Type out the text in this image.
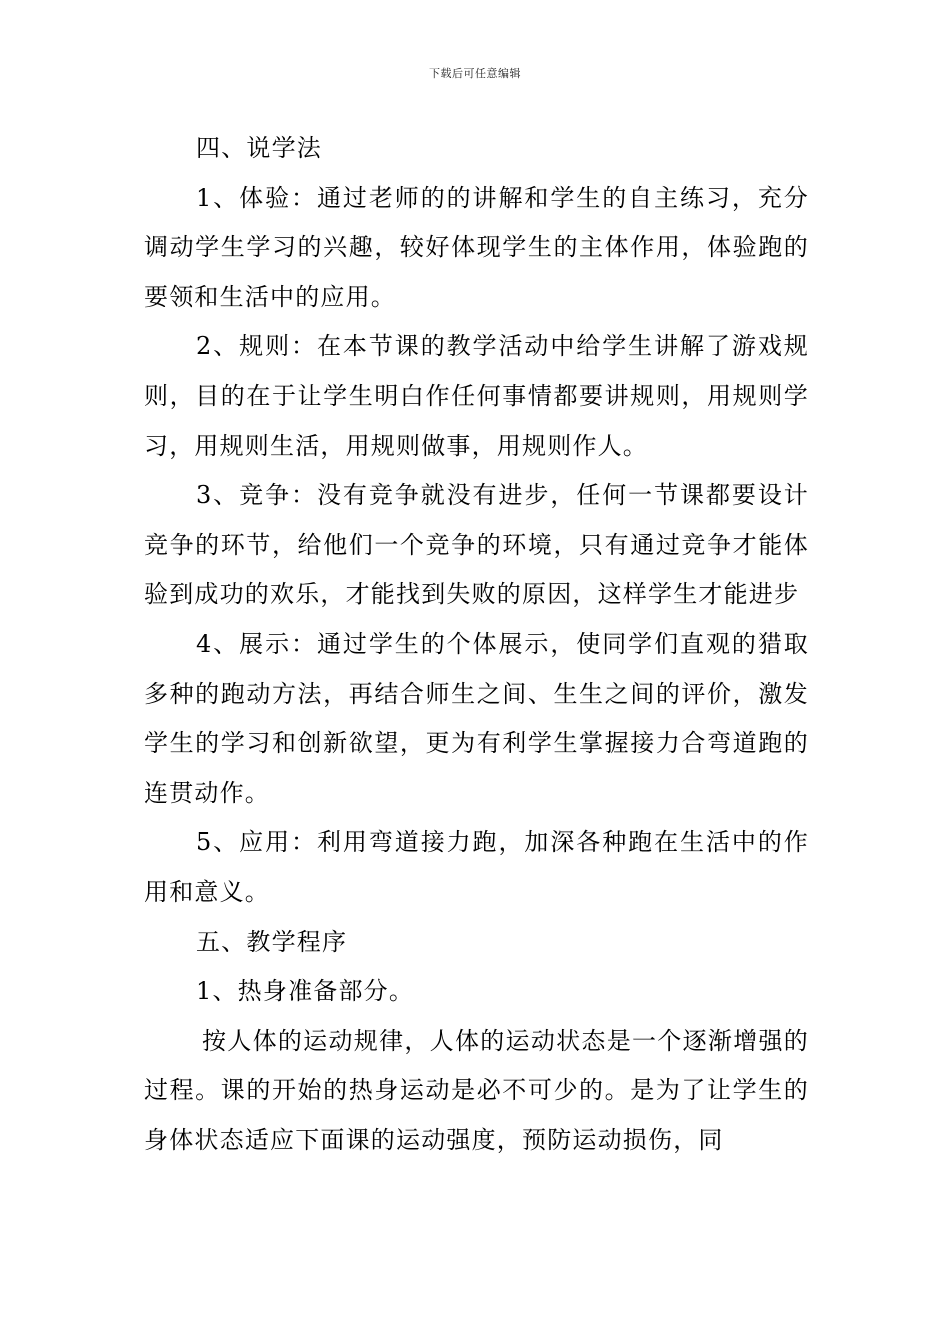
下载后可任意编辑

四、说学法

1、体验：通过老师的的讲解和学生的自主练习，充分调动学生学习的兴趣，较好体现学生的主体作用，体验跑的要领和生活中的应用。

2、规则：在本节课的教学活动中给学生讲解了游戏规则，目的在于让学生明白作任何事情都要讲规则，用规则学习，用规则生活，用规则做事，用规则作人。

3、竞争：没有竞争就没有进步，任何一节课都要设计竞争的环节，给他们一个竞争的环境，只有通过竞争才能体验到成功的欢乐，才能找到失败的原因，这样学生才能进步

4、展示：通过学生的个体展示，使同学们直观的猎取多种的跑动方法，再结合师生之间、生生之间的评价，激发学生的学习和创新欲望，更为有利学生掌握接力合弯道跑的连贯动作。

5、应用：利用弯道接力跑，加深各种跑在生活中的作用和意义。

五、教学程序

1、热身准备部分。

按人体的运动规律，人体的运动状态是一个逐渐增强的过程。课的开始的热身运动是必不可少的。是为了让学生的身体状态适应下面课的运动强度，预防运动损伤，同
